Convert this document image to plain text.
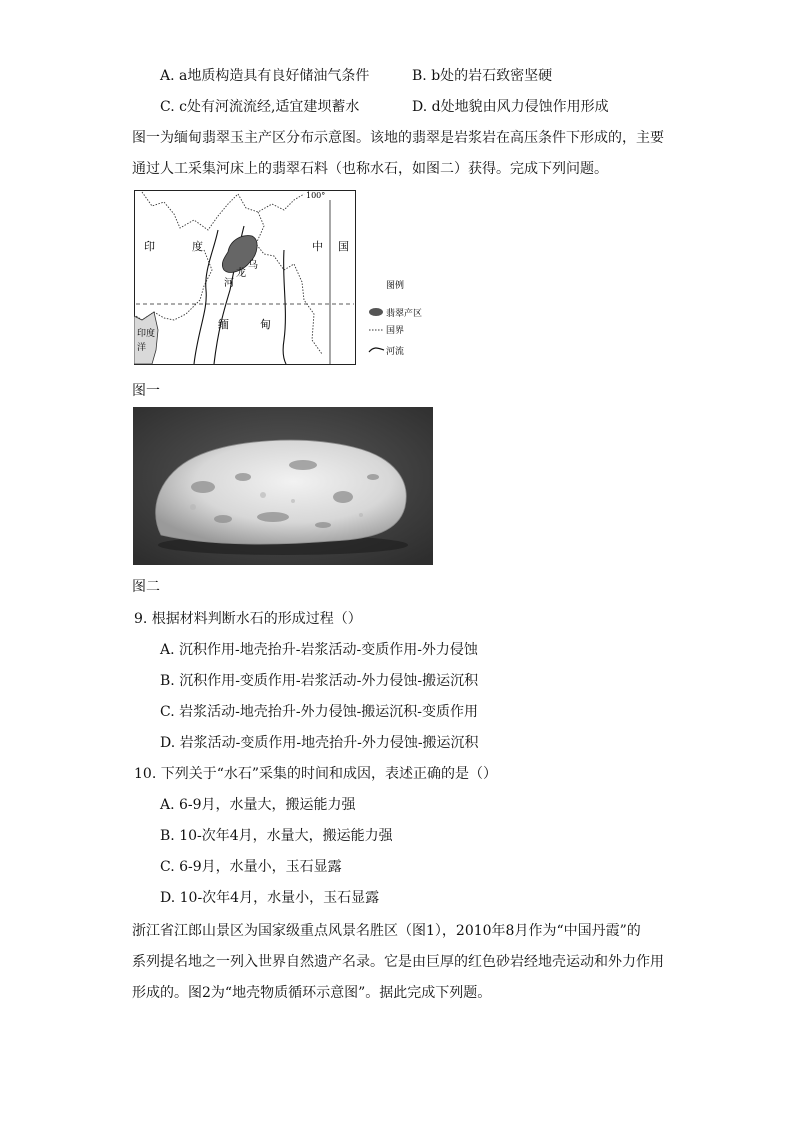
A. a地质构造具有良好储油气条件	B. b处的岩石致密坚硬
C. c处有河流流经,适宜建坝蓄水	D. d处地貌由风力侵蚀作用形成
图一为缅甸翡翠玉主产区分布示意图。该地的翡翠是岩浆岩在高压条件下形成的，主要
通过人工采集河床上的翡翠石料（也称水石，如图二）获得。完成下列问题。
100°
印	度	中 国
乌
龙
河
缅	甸
印度
洋
图例
翡翠产区
国界
河流
图一
图二
9. 根据材料判断水石的形成过程（）
A. 沉积作用-地壳抬升-岩浆活动-变质作用-外力侵蚀
B. 沉积作用-变质作用-岩浆活动-外力侵蚀-搬运沉积
C. 岩浆活动-地壳抬升-外力侵蚀-搬运沉积-变质作用
D. 岩浆活动-变质作用-地壳抬升-外力侵蚀-搬运沉积
10. 下列关于“水石”采集的时间和成因，表述正确的是（）
A. 6-9月，水量大，搬运能力强
B. 10-次年4月，水量大，搬运能力强
C. 6-9月，水量小，玉石显露
D. 10-次年4月，水量小，玉石显露
浙江省江郎山景区为国家级重点风景名胜区（图1），2010年8月作为“中国丹霞”的
系列提名地之一列入世界自然遗产名录。它是由巨厚的红色砂岩经地壳运动和外力作用
形成的。图2为“地壳物质循环示意图”。据此完成下列题。
